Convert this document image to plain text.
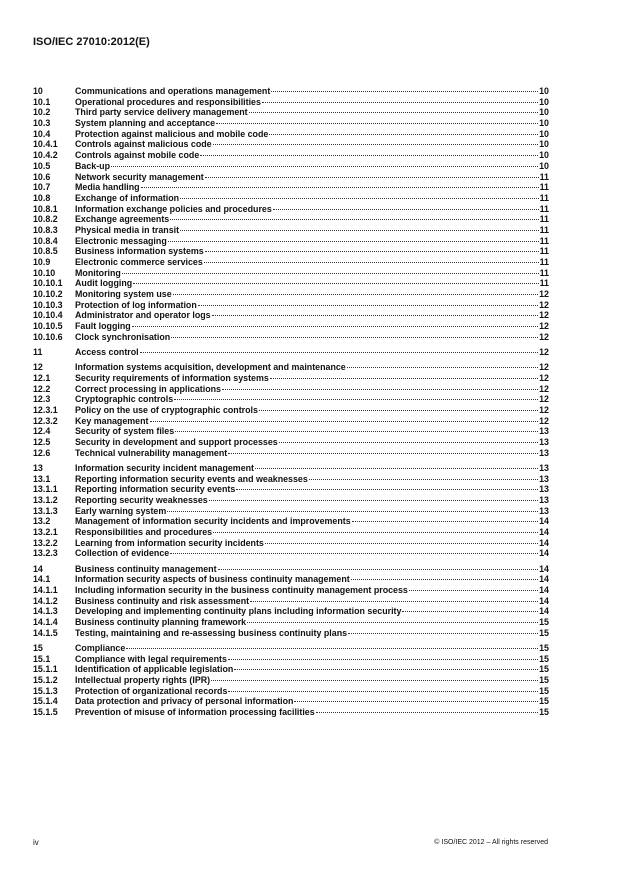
ISO/IEC 27010:2012(E)
10	Communications and operations management	10
10.1	Operational procedures and responsibilities	10
10.2	Third party service delivery management	10
10.3	System planning and acceptance	10
10.4	Protection against malicious and mobile code	10
10.4.1	Controls against malicious code	10
10.4.2	Controls against mobile code	10
10.5	Back-up	10
10.6	Network security management	11
10.7	Media handling	11
10.8	Exchange of information	11
10.8.1	Information exchange policies and procedures	11
10.8.2	Exchange agreements	11
10.8.3	Physical media in transit	11
10.8.4	Electronic messaging	11
10.8.5	Business information systems	11
10.9	Electronic commerce services	11
10.10	Monitoring	11
10.10.1	Audit logging	11
10.10.2	Monitoring system use	12
10.10.3	Protection of log information	12
10.10.4	Administrator and operator logs	12
10.10.5	Fault logging	12
10.10.6	Clock synchronisation	12
11	Access control	12
12	Information systems acquisition, development and maintenance	12
12.1	Security requirements of information systems	12
12.2	Correct processing in applications	12
12.3	Cryptographic controls	12
12.3.1	Policy on the use of cryptographic controls	12
12.3.2	Key management	12
12.4	Security of system files	13
12.5	Security in development and support processes	13
12.6	Technical vulnerability management	13
13	Information security incident management	13
13.1	Reporting information security events and weaknesses	13
13.1.1	Reporting information security events	13
13.1.2	Reporting security weaknesses	13
13.1.3	Early warning system	13
13.2	Management of information security incidents and improvements	14
13.2.1	Responsibilities and procedures	14
13.2.2	Learning from information security incidents	14
13.2.3	Collection of evidence	14
14	Business continuity management	14
14.1	Information security aspects of business continuity management	14
14.1.1	Including information security in the business continuity management process	14
14.1.2	Business continuity and risk assessment	14
14.1.3	Developing and implementing continuity plans including information security	14
14.1.4	Business continuity planning framework	15
14.1.5	Testing, maintaining and re-assessing business continuity plans	15
15	Compliance	15
15.1	Compliance with legal requirements	15
15.1.1	Identification of applicable legislation	15
15.1.2	Intellectual property rights (IPR)	15
15.1.3	Protection of organizational records	15
15.1.4	Data protection and privacy of personal information	15
15.1.5	Prevention of misuse of information processing facilities	15
iv	© ISO/IEC 2012 – All rights reserved
